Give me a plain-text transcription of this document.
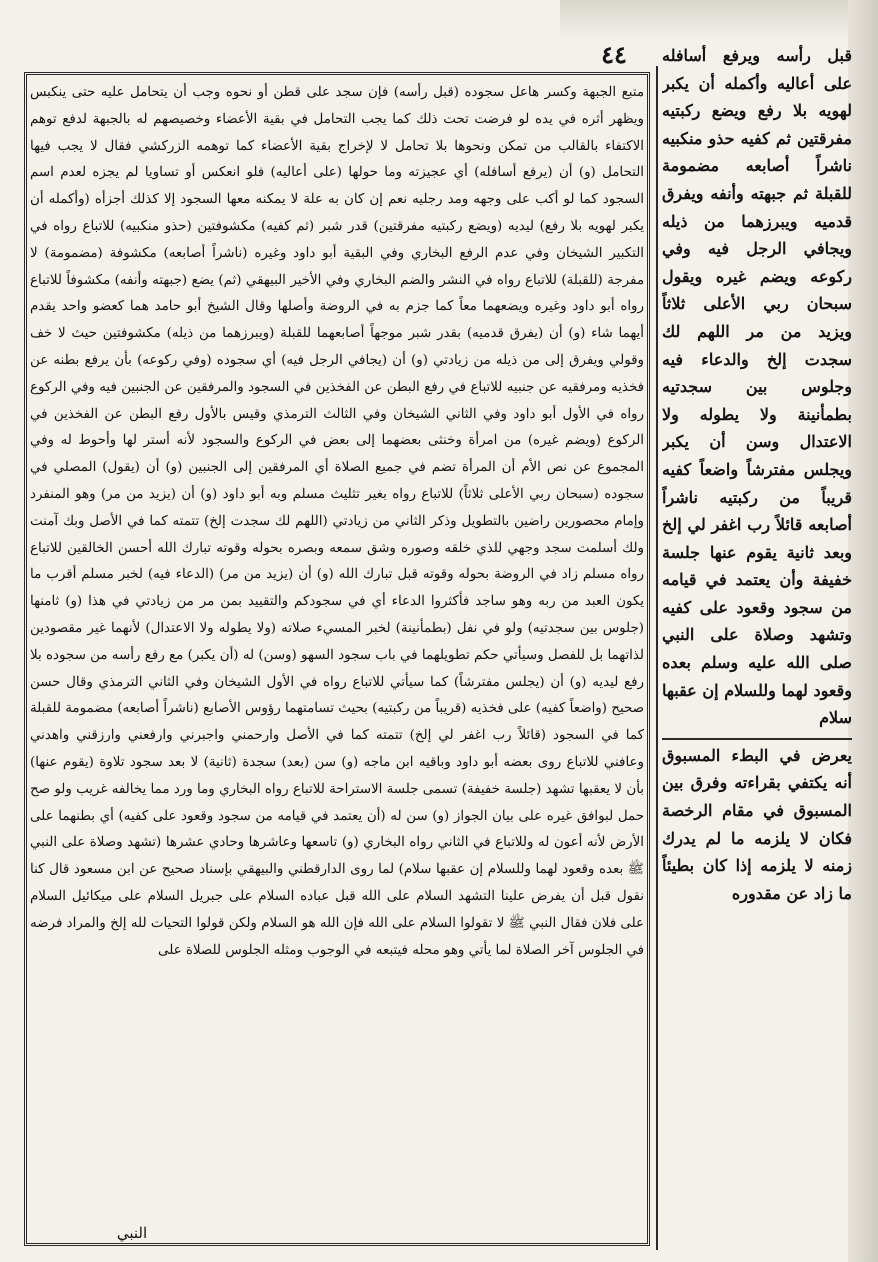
٤٤

متبع الجبهة وكسر هاعل سجوده (قبل رأسه) فإن سجد على قطن أو نحوه وجب أن يتحامل عليه حتى ينكبس ويظهر أثره في يده لو فرضت تحت ذلك كما يجب التحامل في بقية الأعضاء وخصيصهم له بالجبهة لدفع توهم الاكتفاء بالقالب من تمكن ونحوها بلا تحامل لا لإخراج بقية الأعضاء كما توهمه الزركشي فقال لا يجب فيها التحامل (و) أن (يرفع أسافله) أي عجيزته وما حولها (على أعاليه) فلو انعكس أو تساويا لم يجزه لعدم اسم السجود كما لو أكب على وجهه ومد رجليه نعم إن كان به علة لا يمكنه معها السجود إلا كذلك أجزأه (وأكمله أن يكبر لهويه بلا رفع) ليديه (ويضع ركبتيه مفرقتين) قدر شبر (ثم كفيه) مكشوفتين (حذو منكبيه) للاتباع رواه في التكبير الشيخان وفي عدم الرفع البخاري وفي البقية أبو داود وغيره (ناشراً أصابعه) مكشوفة (مضمومة) لا مفرجة (للقبلة) للاتباع رواه في النشر والضم البخاري وفي الأخير البيهقي (ثم) يضع (جبهته وأنفه) مكشوفاً للاتباع رواه أبو داود وغيره ويضعهما معاً كما جزم به في الروضة وأصلها وقال الشيخ أبو حامد هما كعضو واحد يقدم أيهما شاء (و) أن (يفرق قدميه) بقدر شبر موجهاً أصابعهما للقبلة (ويبرزهما من ذيله) مكشوفتين حيث لا خف وقولي ويفرق إلى من ذيله من زيادتي (و) أن (يجافي الرجل فيه) أي سجوده (وفي ركوعه) بأن يرفع بطنه عن فخذيه ومرفقيه عن جنبيه للاتباع في رفع البطن عن الفخذين في السجود والمرفقين عن الجنبين فيه وفي الركوع رواه في الأول أبو داود وفي الثاني الشيخان وفي الثالث الترمذي وقيس بالأول رفع البطن عن الفخذين في الركوع (ويضم غيره) من امرأة وخنثى بعضهما إلى بعض في الركوع والسجود لأنه أستر لها وأحوط له وفي المجموع عن نص الأم أن المرأة تضم في جميع الصلاة أي المرفقين إلى الجنبين (و) أن (يقول) المصلي في سجوده (سبحان ربي الأعلى ثلاثاً) للاتباع رواه بغير تثليث مسلم وبه أبو داود (و) أن (يزيد من مر) وهو المنفرد وإمام محصورين راضين بالتطويل وذكر الثاني من زيادتي (اللهم لك سجدت إلخ) تتمته كما في الأصل وبك آمنت ولك أسلمت سجد وجهي للذي خلقه وصوره وشق سمعه وبصره بحوله وقوته تبارك الله أحسن الخالقين للاتباع رواه مسلم زاد في الروضة بحوله وقوته قبل تبارك الله (و) أن (يزيد من مر) (الدعاء فيه) لخبر مسلم أقرب ما يكون العبد من ربه وهو ساجد فأكثروا الدعاء أي في سجودكم والتقييد بمن مر من زيادتي في هذا (و) ثامنها (جلوس بين سجدتيه) ولو في نفل (بطمأنينة) لخبر المسيء صلاته (ولا يطوله ولا الاعتدال) لأنهما غير مقصودين لذاتهما بل للفصل وسيأتي حكم تطويلهما في باب سجود السهو (وسن) له (أن يكبر) مع رفع رأسه من سجوده بلا رفع ليديه (و) أن (يجلس مفترشاً) كما سيأتي للاتباع رواه في الأول الشيخان وفي الثاني الترمذي وقال حسن صحيح (واضعاً كفيه) على فخذيه (قريباً من ركبتيه) بحيث تسامتهما رؤوس الأصابع (ناشراً أصابعه) مضمومة للقبلة كما في السجود (قائلاً رب اغفر لي إلخ) تتمته كما في الأصل وارحمني واجبرني وارفعني وارزقني واهدني وعافني للاتباع روى بعضه أبو داود وباقيه ابن ماجه (و) سن (بعد) سجدة (ثانية) لا بعد سجود تلاوة (يقوم عنها) بأن لا يعقبها تشهد (جلسة خفيفة) تسمى جلسة الاستراحة للاتباع رواه البخاري وما ورد مما يخالفه غريب ولو صح حمل لبوافق غيره على بيان الجواز (و) سن له (أن يعتمد في قيامه من سجود وقعود على كفيه) أي بطنهما على الأرض لأنه أعون له وللاتباع في الثاني رواه البخاري (و) تاسعها وعاشرها وحادي عشرها (تشهد وصلاة على النبي ﷺ بعده وقعود لهما وللسلام إن عقبها سلام) لما روى الدارقطني والبيهقي بإسناد صحيح عن ابن مسعود قال كنا نقول قبل أن يفرض علينا التشهد السلام على الله قبل عباده السلام على جبريل السلام على ميكائيل السلام على فلان فقال النبي ﷺ لا تقولوا السلام على الله فإن الله هو السلام ولكن قولوا التحيات لله إلخ والمراد فرضه في الجلوس آخر الصلاة لما يأتي وهو محله فيتبعه في الوجوب ومثله الجلوس للصلاة على

قبل رأسه ويرفع أسافله على أعاليه وأكمله أن يكبر لهويه بلا رفع ويضع ركبتيه مفرقتين ثم كفيه حذو منكبيه ناشراً أصابعه مضمومة للقبلة ثم جبهته وأنفه ويفرق قدميه ويبرزهما من ذيله ويجافي الرجل فيه وفي ركوعه ويضم غيره ويقول سبحان ربي الأعلى ثلاثاً ويزيد من مر اللهم لك سجدت إلخ والدعاء فيه وجلوس بين سجدتيه بطمأنينة ولا يطوله ولا الاعتدال وسن أن يكبر ويجلس مفترشاً واضعاً كفيه قريباً من ركبتيه ناشراً أصابعه قائلاً رب اغفر لي إلخ وبعد ثانية يقوم عنها جلسة خفيفة وأن يعتمد في قيامه من سجود وقعود على كفيه وتشهد وصلاة على النبي صلى الله عليه وسلم بعده وقعود لهما وللسلام إن عقبها سلام

يعرض في البطء المسبوق أنه يكتفي بقراءته وفرق بين المسبوق في مقام الرخصة فكان لا يلزمه ما لم يدرك زمنه لا يلزمه إذا كان بطيئاً ما زاد عن مقدوره

النبي
